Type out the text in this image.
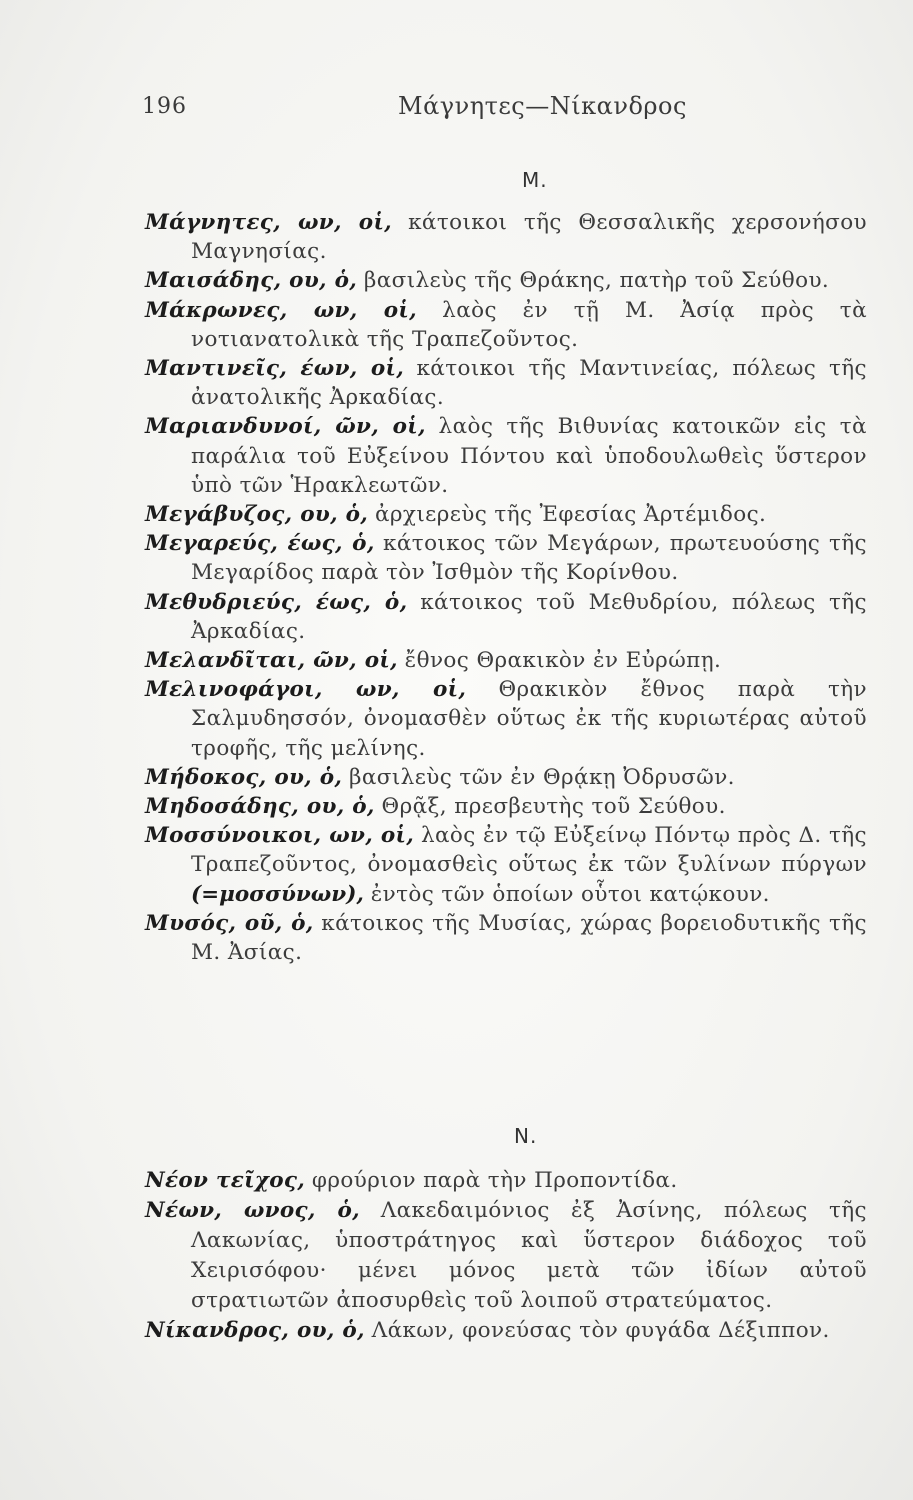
196	Μάγνητες—Νίκανδρος
Μ.

Μάγνητες, ων, οἱ, κάτοικοι τῆς Θεσσαλικῆς χερσονήσου Μαγνησίας.

Μαισάδης, ου, ὁ, βασιλεὺς τῆς Θράκης, πατὴρ τοῦ Σεύθου.

Μάκρωνες, ων, οἱ, λαὸς ἐν τῇ Μ. Ἀσίᾳ πρὸς τὰ νοτιανατολικὰ τῆς Τραπεζοῦντος.

Μαντινεῖς, έων, οἱ, κάτοικοι τῆς Μαντινείας, πόλεως τῆς ἀνατολικῆς Ἀρκαδίας.

Μαριανδυνοί, ῶν, οἱ, λαὸς τῆς Βιθυνίας κατοικῶν εἰς τὰ παράλια τοῦ Εὐξείνου Πόντου καὶ ὑποδουλωθεὶς ὕστερον ὑπὸ τῶν Ἡρακλεωτῶν.

Μεγάβυζος, ου, ὁ, ἀρχιερεὺς τῆς Ἐφεσίας Ἀρτέμιδος.

Μεγαρεύς, έως, ὁ, κάτοικος τῶν Μεγάρων, πρωτευούσης τῆς Μεγαρίδος παρὰ τὸν Ἰσθμὸν τῆς Κορίνθου.

Μεθυδριεύς, έως, ὁ, κάτοικος τοῦ Μεθυδρίου, πόλεως τῆς Ἀρκαδίας.

Μελανδῖται, ῶν, οἱ, ἔθνος Θρακικὸν ἐν Εὐρώπῃ.

Μελινοφάγοι, ων, οἱ, Θρακικὸν ἔθνος παρὰ τὴν Σαλμυδησσόν, ὀνομασθὲν οὕτως ἐκ τῆς κυριωτέρας αὐτοῦ τροφῆς, τῆς μελίνης.

Μήδοκος, ου, ὁ, βασιλεὺς τῶν ἐν Θρᾴκῃ Ὀδρυσῶν.

Μηδοσάδης, ου, ὁ, Θρᾷξ, πρεσβευτὴς τοῦ Σεύθου.

Μοσσύνοικοι, ων, οἱ, λαὸς ἐν τῷ Εὐξείνῳ Πόντῳ πρὸς Δ. τῆς Τραπεζοῦντος, ὀνομασθεὶς οὕτως ἐκ τῶν ξυλίνων πύργων (=μοσσύνων), ἐντὸς τῶν ὁποίων οὗτοι κατῴκουν.

Μυσός, οῦ, ὁ, κάτοικος τῆς Μυσίας, χώρας βορειοδυτικῆς τῆς Μ. Ἀσίας.

Ν.

Νέον τεῖχος, φρούριον παρὰ τὴν Προποντίδα.

Νέων, ωνος, ὁ, Λακεδαιμόνιος ἐξ Ἀσίνης, πόλεως τῆς Λακωνίας, ὑποστράτηγος καὶ ὕστερον διάδοχος τοῦ Χειρισόφου· μένει μόνος μετὰ τῶν ἰδίων αὐτοῦ στρατιωτῶν ἀποσυρθεὶς τοῦ λοιποῦ στρατεύματος.

Νίκανδρος, ου, ὁ, Λάκων, φονεύσας τὸν φυγάδα Δέξιππον.
